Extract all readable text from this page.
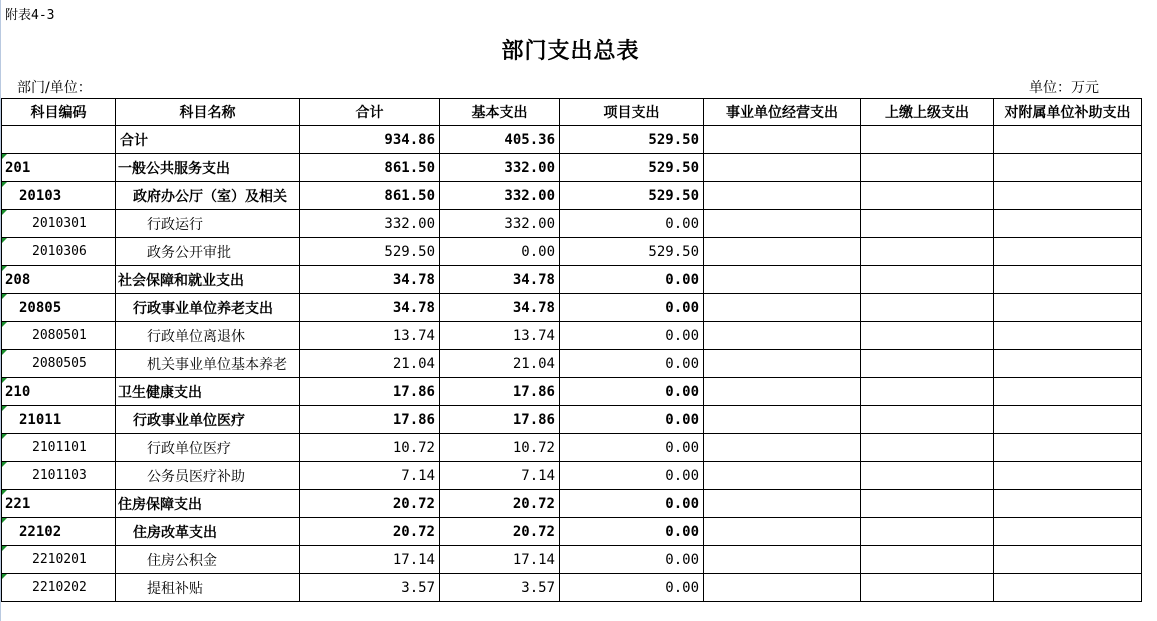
附表4-3
部门支出总表
部门/单位：	单位：万元
科目编码	科目名称	合计	基本支出	项目支出	事业单位经营支出	上缴上级支出	对附属单位补助支出
	合计	934.86	405.36	529.50			

201	一般公共服务支出	861.50	332.00	529.50			

20103	政府办公厅（室）及相关	861.50	332.00	529.50			

2010301	行政运行	332.00	332.00	0.00			

2010306	政务公开审批	529.50	0.00	529.50			

208	社会保障和就业支出	34.78	34.78	0.00			

20805	行政事业单位养老支出	34.78	34.78	0.00			

2080501	行政单位离退休	13.74	13.74	0.00			

2080505	机关事业单位基本养老	21.04	21.04	0.00			

210	卫生健康支出	17.86	17.86	0.00			

21011	行政事业单位医疗	17.86	17.86	0.00			

2101101	行政单位医疗	10.72	10.72	0.00			

2101103	公务员医疗补助	7.14	7.14	0.00			

221	住房保障支出	20.72	20.72	0.00			

22102	住房改革支出	20.72	20.72	0.00			

2210201	住房公积金	17.14	17.14	0.00			

2210202	提租补贴	3.57	3.57	0.00			
